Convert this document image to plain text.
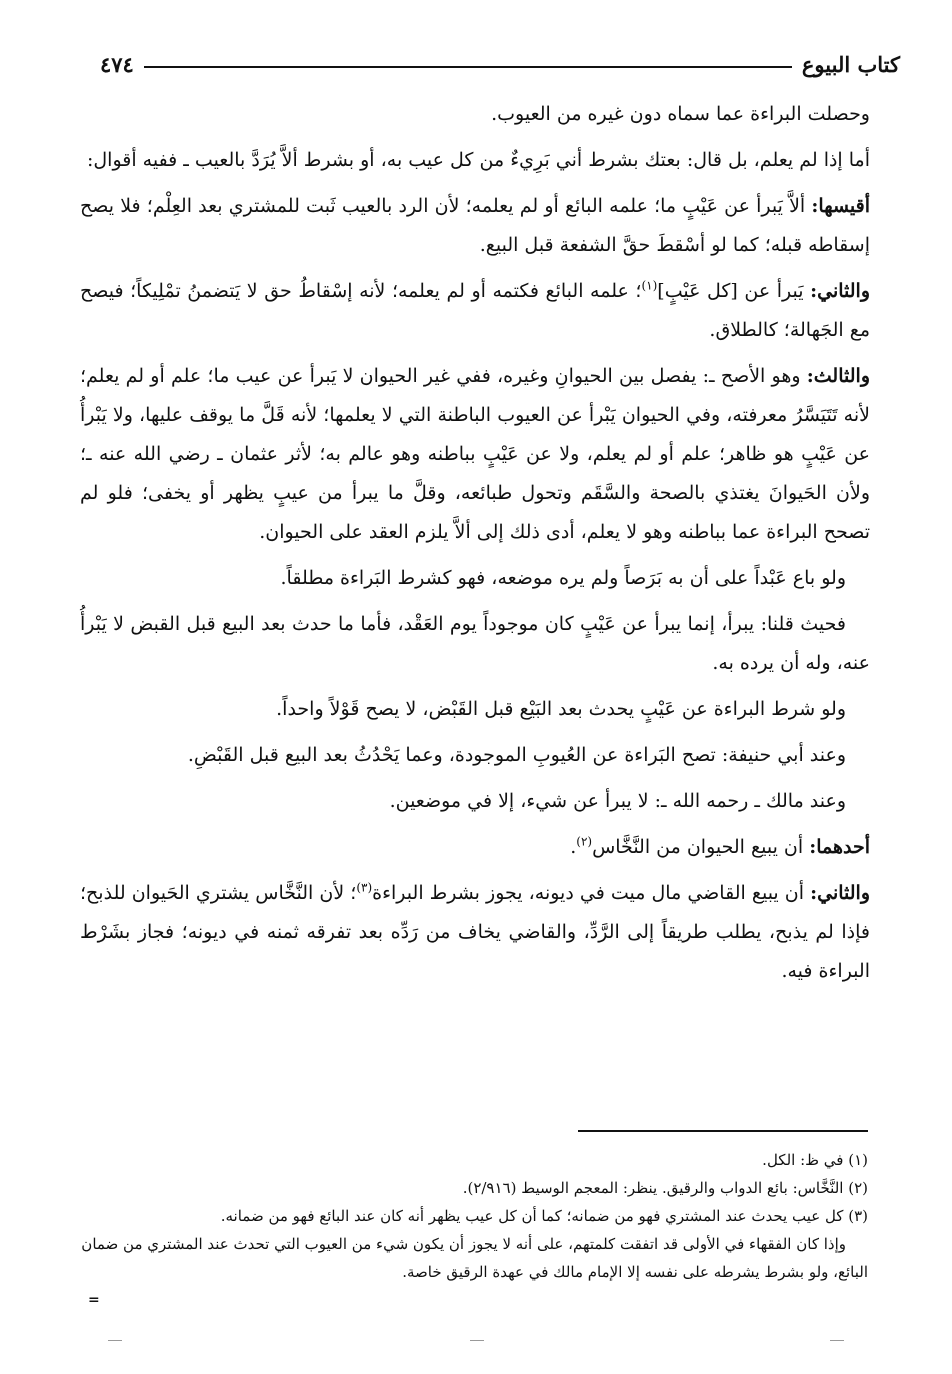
كتاب البيوع
٤٧٤

وحصلت البراءة عما سماه دون غيره من العيوب.

أما إذا لم يعلم، بل قال: بعتك بشرط أني بَرِيءٌ من كل عيب به، أو بشرط ألاَّ يُرَدَّ بالعيب ـ ففيه أقوال:

أقيسها: ألاَّ يَبرأ عن عَيْبٍ ما؛ علمه البائع أو لم يعلمه؛ لأن الرد بالعيب ثَبت للمشتري بعد العِلْم؛ فلا يصح إسقاطه قبله؛ كما لو أسْقطَ حقَّ الشفعة قبل البيع.

والثاني: يَبرأ عن [كل عَيْبٍ]$^{(١)}$؛ علمه البائع فكتمه أو لم يعلمه؛ لأنه إسْقاطُ حق لا يَتضمنُ تمْلِيكاً؛ فيصح مع الجَهالة؛ كالطلاق.

والثالث: وهو الأصح ـ: يفصل بين الحيوانِ وغيره، ففي غير الحيوان لا يَبرأ عن عيب ما؛ علم أو لم يعلم؛ لأنه تَتَيَسَّرُ معرفته، وفي الحيوان يَبْرأ عن العيوب الباطنة التي لا يعلمها؛ لأنه قَلَّ ما يوقف عليها، ولا يَبْرأُ عن عَيْبٍ هو ظاهر؛ علم أو لم يعلم، ولا عن عَيْبٍ بباطنه وهو عالم به؛ لأثر عثمان ـ رضي الله عنه ـ؛ ولأن الحَيوانَ يغتذي بالصحة والسَّقَم وتحول طبائعه، وقلَّ ما يبرأ من عيبٍ يظهر أو يخفى؛ فلو لم تصحح البراءة عما بباطنه وهو لا يعلم، أدى ذلك إلى ألاَّ يلزم العقد على الحيوان.

ولو باع عَبْداً على أن به بَرَصاً ولم يره موضعه، فهو كشرط البَراءة مطلقاً.

فحيث قلنا: يبرأ، إنما يبرأ عن عَيْبٍ كان موجوداً يوم العَقْد، فأما ما حدث بعد البيع قبل القبض لا يَبْرأُ عنه، وله أن يرده به.

ولو شرط البراءة عن عَيْبٍ يحدث بعد البَيْع قبل القَبْض، لا يصح قَوْلاً واحداً.

وعند أبي حنيفة: تصح البَراءة عن العُيوبِ الموجودة، وعما يَحْدُثُ بعد البيع قبل القَبْضِ.

وعند مالك ـ رحمه الله ـ: لا يبرأ عن شيء، إلا في موضعين.

أحدهما: أن يبيع الحيوان من النَّخَّاس$^{(٢)}$.

والثاني: أن يبيع القاضي مال ميت في ديونه، يجوز بشرط البراءة$^{(٣)}$؛ لأن النَّخَّاس يشتري الحَيوان للذبح؛ فإذا لم يذبح، يطلب طريقاً إلى الرَّدِّ، والقاضي يخاف من رَدِّه بعد تفرقه ثمنه في ديونه؛ فجاز بشَرْط البراءة فيه.

(١) في ظ: الكل.

(٢) النَّخَّاس: بائع الدواب والرقيق. ينظر: المعجم الوسيط (٢/٩١٦).

(٣) كل عيب يحدث عند المشتري فهو من ضمانه؛ كما أن كل عيب يظهر أنه كان عند البائع فهو من ضمانه.

وإذا كان الفقهاء في الأولى قد اتفقت كلمتهم، على أنه لا يجوز أن يكون شيء من العيوب التي تحدث عند المشتري من ضمان البائع، ولو بشرط يشرطه على نفسه إلا الإمام مالك في عهدة الرقيق خاصة.

=
